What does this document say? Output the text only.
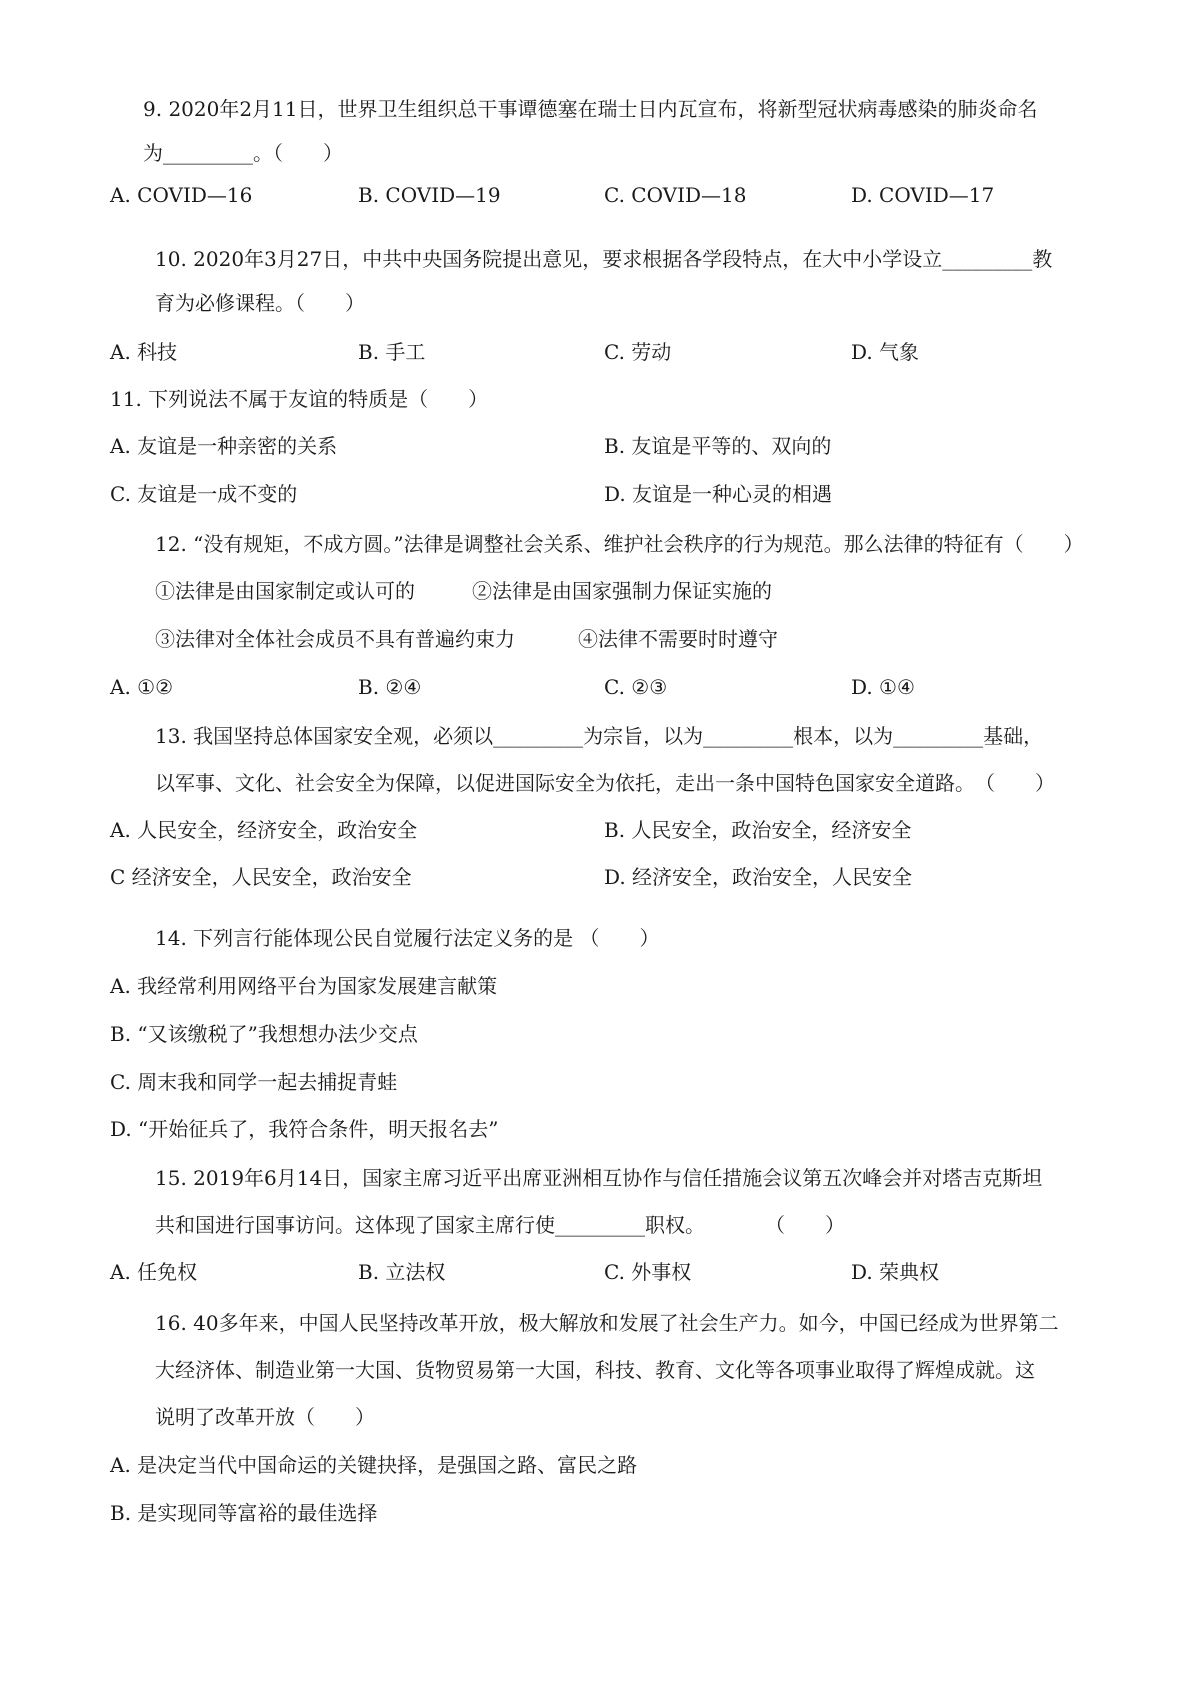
9. 2020年2月11日，世界卫生组织总干事谭德塞在瑞士日内瓦宣布，将新型冠状病毒感染的肺炎命名
为_________。（　　）
A. COVID—16	B. COVID—19	C. COVID—18	D. COVID—17
10. 2020年3月27日，中共中央国务院提出意见，要求根据各学段特点，在大中小学设立_________教
育为必修课程。（　　）
A. 科技	B. 手工	C. 劳动	D. 气象
11. 下列说法不属于友谊的特质是（　　）
A. 友谊是一种亲密的关系	B. 友谊是平等的、双向的
C. 友谊是一成不变的	D. 友谊是一种心灵的相遇
12. “没有规矩，不成方圆。”法律是调整社会关系、维护社会秩序的行为规范。那么法律的特征有（　　）
①法律是由国家制定或认可的	②法律是由国家强制力保证实施的
③法律对全体社会成员不具有普遍约束力	④法律不需要时时遵守
A. ①②	B. ②④	C. ②③	D. ①④
13. 我国坚持总体国家安全观，必须以_________为宗旨，以为_________根本，以为_________基础，
以军事、文化、社会安全为保障，以促进国际安全为依托，走出一条中国特色国家安全道路。　（　　）
A. 人民安全，经济安全，政治安全	B. 人民安全，政治安全，经济安全
C 经济安全，人民安全，政治安全	D. 经济安全，政治安全，人民安全
14. 下列言行能体现公民自觉履行法定义务的是 （　　）
A. 我经常利用网络平台为国家发展建言献策
B. “又该缴税了”我想想办法少交点
C. 周末我和同学一起去捕捉青蛙
D. “开始征兵了，我符合条件，明天报名去”
15. 2019年6月14日，国家主席习近平出席亚洲相互协作与信任措施会议第五次峰会并对塔吉克斯坦
共和国进行国事访问。这体现了国家主席行使_________职权。　　　　（　　）
A. 任免权	B. 立法权	C. 外事权	D. 荣典权
16. 40多年来，中国人民坚持改革开放，极大解放和发展了社会生产力。如今，中国已经成为世界第二
大经济体、制造业第一大国、货物贸易第一大国，科技、教育、文化等各项事业取得了辉煌成就。这
说明了改革开放（　　）
A. 是决定当代中国命运的关键抉择，是强国之路、富民之路
B. 是实现同等富裕的最佳选择
